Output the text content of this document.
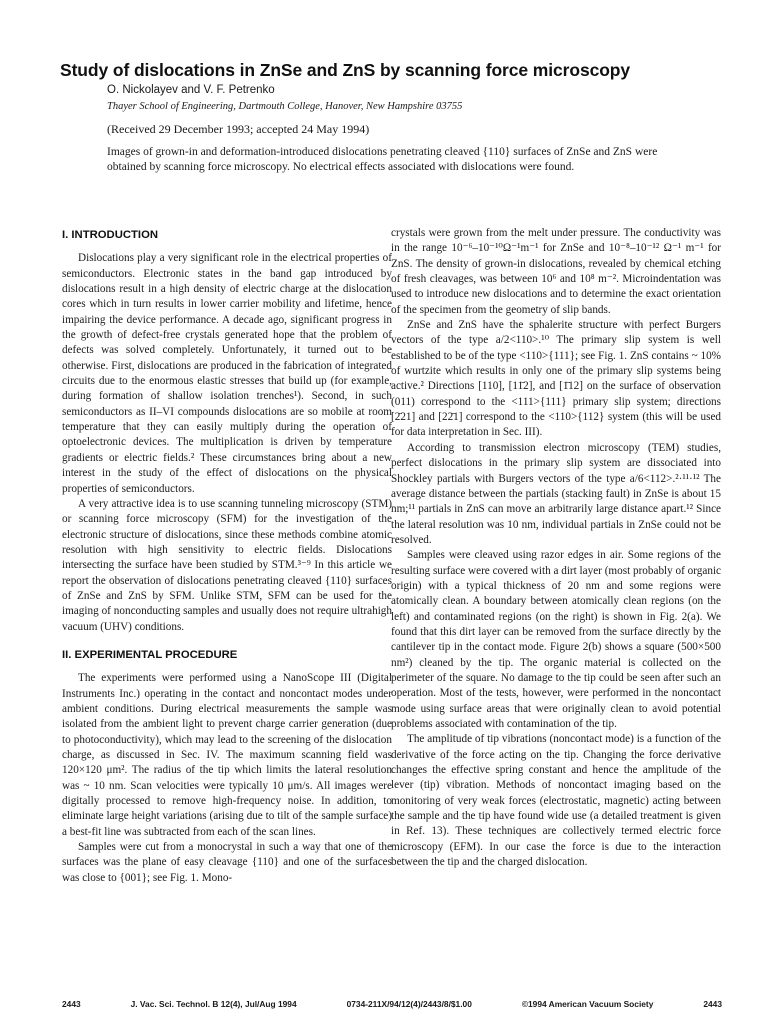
Study of dislocations in ZnSe and ZnS by scanning force microscopy
O. Nickolayev and V. F. Petrenko
Thayer School of Engineering, Dartmouth College, Hanover, New Hampshire 03755
(Received 29 December 1993; accepted 24 May 1994)
Images of grown-in and deformation-introduced dislocations penetrating cleaved {110} surfaces of ZnSe and ZnS were obtained by scanning force microscopy. No electrical effects associated with dislocations were found.
I. INTRODUCTION

Dislocations play a very significant role in the electrical properties of semiconductors. Electronic states in the band gap introduced by dislocations result in a high density of electric charge at the dislocation cores which in turn results in lower carrier mobility and lifetime, hence impairing the device performance. A decade ago, significant progress in the growth of defect-free crystals generated hope that the problem of defects was solved completely. Unfortunately, it turned out to be otherwise. First, dislocations are produced in the fabrication of integrated circuits due to the enormous elastic stresses that build up (for example, during formation of shallow isolation trenches¹). Second, in such semiconductors as II–VI compounds dislocations are so mobile at room temperature that they can easily multiply during the operation of optoelectronic devices. The multiplication is driven by temperature gradients or electric fields.² These circumstances bring about a new interest in the study of the effect of dislocations on the physical properties of semiconductors.

A very attractive idea is to use scanning tunneling microscopy (STM) or scanning force microscopy (SFM) for the investigation of the electronic structure of dislocations, since these methods combine atomic resolution with high sensitivity to electric fields. Dislocations intersecting the surface have been studied by STM.³⁻⁹ In this article we report the observation of dislocations penetrating cleaved {110} surfaces of ZnSe and ZnS by SFM. Unlike STM, SFM can be used for the imaging of nonconducting samples and usually does not require ultrahigh vacuum (UHV) conditions.

II. EXPERIMENTAL PROCEDURE

The experiments were performed using a NanoScope III (Digital Instruments Inc.) operating in the contact and noncontact modes under ambient conditions. During electrical measurements the sample was isolated from the ambient light to prevent charge carrier generation (due to photoconductivity), which may lead to the screening of the dislocation charge, as discussed in Sec. IV. The maximum scanning field was 120×120 μm². The radius of the tip which limits the lateral resolution was ~ 10 nm. Scan velocities were typically 10 μm/s. All images were digitally processed to remove high-frequency noise. In addition, to eliminate large height variations (arising due to tilt of the sample surface) a best-fit line was subtracted from each of the scan lines.

Samples were cut from a monocrystal in such a way that one of the surfaces was the plane of easy cleavage {110} and one of the surfaces was close to {001}; see Fig. 1. Mono-

crystals were grown from the melt under pressure. The conductivity was in the range 10⁻⁶–10⁻¹⁰Ω⁻¹m⁻¹ for ZnSe and 10⁻⁸–10⁻¹² Ω⁻¹ m⁻¹ for ZnS. The density of grown-in dislocations, revealed by chemical etching of fresh cleavages, was between 10⁶ and 10⁸ m⁻². Microindentation was used to introduce new dislocations and to determine the exact orientation of the specimen from the geometry of slip bands.

ZnSe and ZnS have the sphalerite structure with perfect Burgers vectors of the type a/2<110>.¹⁰ The primary slip system is well established to be of the type <110>{111}; see Fig. 1. ZnS contains ~ 10% of wurtzite which results in only one of the primary slip systems being active.² Directions [110], [11̄2], and [1̄12] on the surface of observation (011) correspond to the <111>{111} primary slip system; directions [2̄21] and [22̄1] correspond to the <110>{112} system (this will be used for data interpretation in Sec. III).

According to transmission electron microscopy (TEM) studies, perfect dislocations in the primary slip system are dissociated into Shockley partials with Burgers vectors of the type a/6<112>.²·¹¹·¹² The average distance between the partials (stacking fault) in ZnSe is about 15 nm;¹¹ partials in ZnS can move an arbitrarily large distance apart.¹² Since the lateral resolution was 10 nm, individual partials in ZnSe could not be resolved.

Samples were cleaved using razor edges in air. Some regions of the resulting surface were covered with a dirt layer (most probably of organic origin) with a typical thickness of 20 nm and some regions were atomically clean. A boundary between atomically clean regions (on the left) and contaminated regions (on the right) is shown in Fig. 2(a). We found that this dirt layer can be removed from the surface directly by the cantilever tip in the contact mode. Figure 2(b) shows a square (500×500 nm²) cleaned by the tip. The organic material is collected on the perimeter of the square. No damage to the tip could be seen after such an operation. Most of the tests, however, were performed in the noncontact mode using surface areas that were originally clean to avoid potential problems associated with contamination of the tip.

The amplitude of tip vibrations (noncontact mode) is a function of the derivative of the force acting on the tip. Changing the force derivative changes the effective spring constant and hence the amplitude of the lever (tip) vibration. Methods of noncontact imaging based on the monitoring of very weak forces (electrostatic, magnetic) acting between the sample and the tip have found wide use (a detailed treatment is given in Ref. 13). These techniques are collectively termed electric force microscopy (EFM). In our case the force is due to the interaction between the tip and the charged dislocation.

2443	J. Vac. Sci. Technol. B 12(4), Jul/Aug 1994	0734-211X/94/12(4)/2443/8/$1.00	©1994 American Vacuum Society	2443
